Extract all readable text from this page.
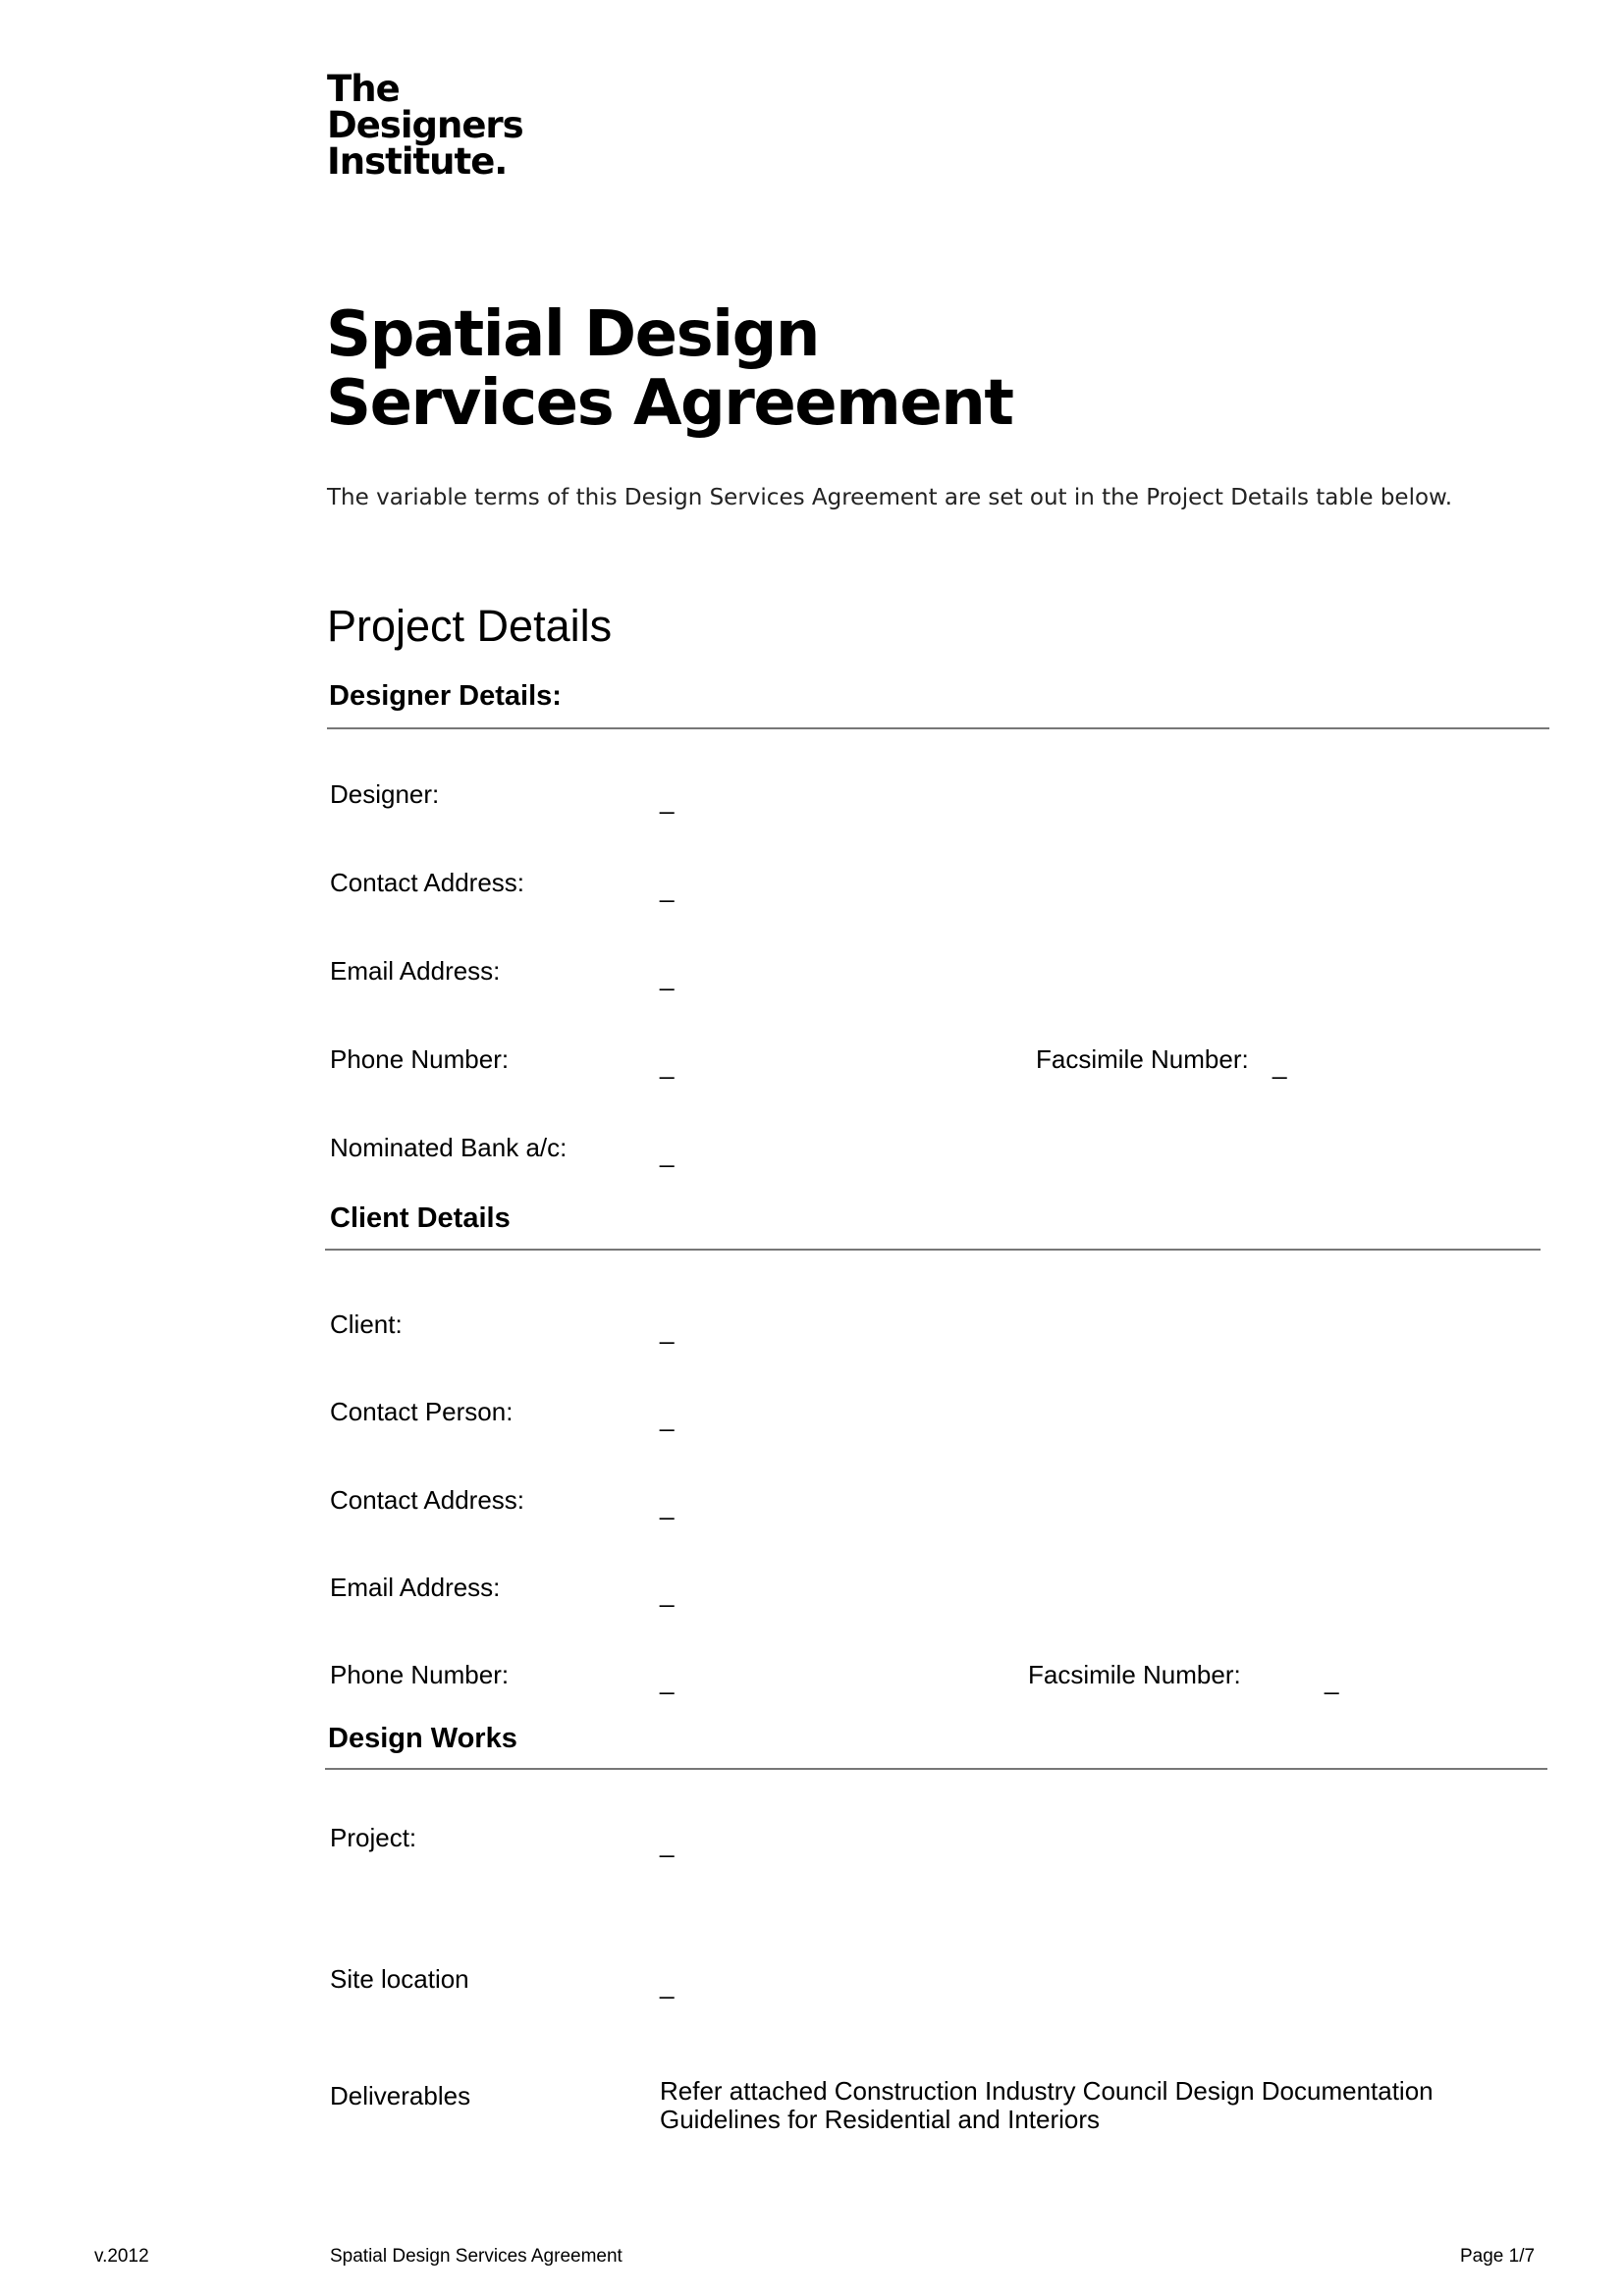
The
Designers
Institute.
Spatial Design
Services Agreement
The variable terms of this Design Services Agreement are set out in the Project Details table below.
Project Details
Designer Details:
Designer:	_
Contact Address:	_
Email Address:	_
Phone Number:	_	Facsimile Number: _
Nominated Bank a/c:	_
Client Details
Client:	_
Contact Person:	_
Contact Address:	_
Email Address:	_
Phone Number:	_	Facsimile Number:	_
Design Works
Project:	_
Site location	_
Deliverables	Refer attached Construction Industry Council Design Documentation Guidelines for Residential and Interiors
v.2012	Spatial Design Services Agreement	Page 1/7
